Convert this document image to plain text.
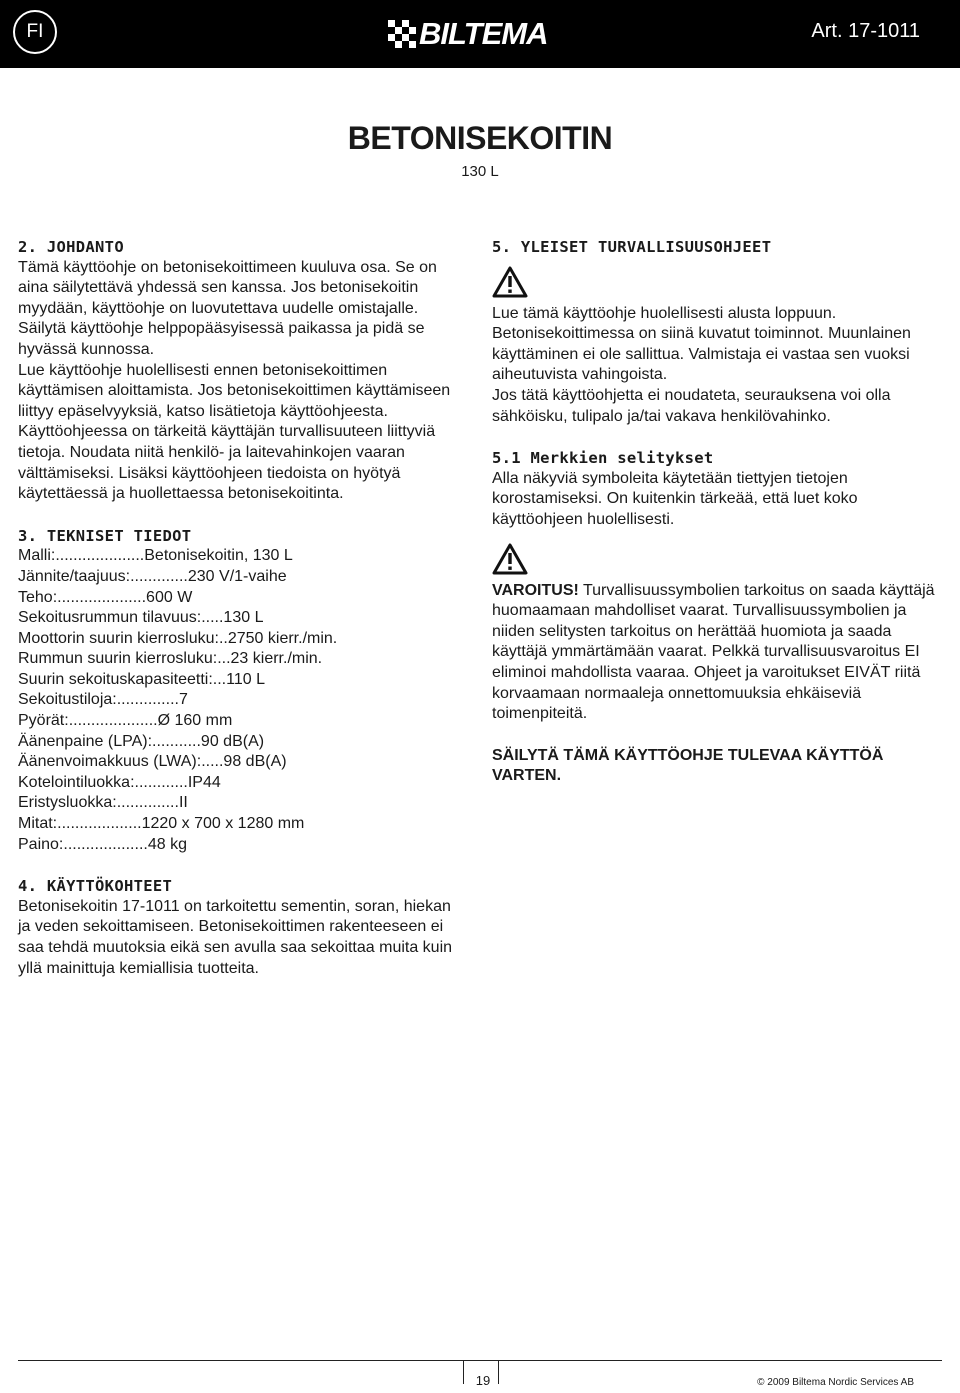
FI	BILTEMA	Art. 17-1011
BETONISEKOITIN
130 L
2. JOHDANTO

Tämä käyttöohje on betonisekoittimeen kuuluva osa. Se on aina säilytettävä yhdessä sen kanssa. Jos betonisekoitin myydään, käyttöohje on luovutettava uudelle omistajalle. Säilytä käyttöohje helppopääsyisessä paikassa ja pidä se hyvässä kunnossa.

Lue käyttöohje huolellisesti ennen betonisekoittimen käyttämisen aloittamista. Jos betonisekoittimen käyttämiseen liittyy epäselvyyksiä, katso lisätietoja käyttöohjeesta.

Käyttöohjeessa on tärkeitä käyttäjän turvallisuuteen liittyviä tietoja. Noudata niitä henkilö- ja laitevahinkojen vaaran välttämiseksi. Lisäksi käyttöohjeen tiedoista on hyötyä käytettäessä ja huollettaessa betonisekoitinta.

3. TEKNISET TIEDOT
Malli: .................... Betonisekoitin, 130 L
Jännite/taajuus: ............. 230 V/1-vaihe
Teho: .................... 600 W
Sekoitusrummun tilavuus: ..... 130 L
Moottorin suurin kierrosluku: .. 2750 kierr./min.
Rummun suurin kierrosluku: ... 23 kierr./min.
Suurin sekoituskapasiteetti: ... 110 L
Sekoitustiloja: .............. 7
Pyörät: .................... Ø 160 mm
Äänenpaine (LPA): ........... 90 dB(A)
Äänenvoimakkuus (LWA): ..... 98 dB(A)
Kotelointiluokka: ............ IP44
Eristysluokka: .............. II
Mitat: ................... 1220 x 700 x 1280 mm
Paino: ................... 48 kg
4. KÄYTTÖKOHTEET

Betonisekoitin 17-1011 on tarkoitettu sementin, soran, hiekan ja veden sekoittamiseen. Betonisekoittimen rakenteeseen ei saa tehdä muutoksia eikä sen avulla saa sekoittaa muita kuin yllä mainittuja kemiallisia tuotteita.

5. YLEISET TURVALLISUUSOHJEET

Lue tämä käyttöohje huolellisesti alusta loppuun. Betonisekoittimessa on siinä kuvatut toiminnot. Muunlainen käyttäminen ei ole sallittua. Valmistaja ei vastaa sen vuoksi aiheutuvista vahingoista.

Jos tätä käyttöohjetta ei noudateta, seurauksena voi olla sähköisku, tulipalo ja/tai vakava henkilövahinko.

5.1 Merkkien selitykset

Alla näkyviä symboleita käytetään tiettyjen tietojen korostamiseksi. On kuitenkin tärkeää, että luet koko käyttöohjeen huolellisesti.

VAROITUS! Turvallisuussymbolien tarkoitus on saada käyttäjä huomaamaan mahdolliset vaarat. Turvallisuussymbolien ja niiden selitysten tarkoitus on herättää huomiota ja saada käyttäjä ymmärtämään vaarat. Pelkkä turvallisuusvaroitus EI eliminoi mahdollista vaaraa. Ohjeet ja varoitukset EIVÄT riitä korvaamaan normaaleja onnettomuuksia ehkäiseviä toimenpiteitä.

SÄILYTÄ TÄMÄ KÄYTTÖOHJE TULEVAA KÄYTTÖÄ VARTEN.

19	© 2009 Biltema Nordic Services AB
